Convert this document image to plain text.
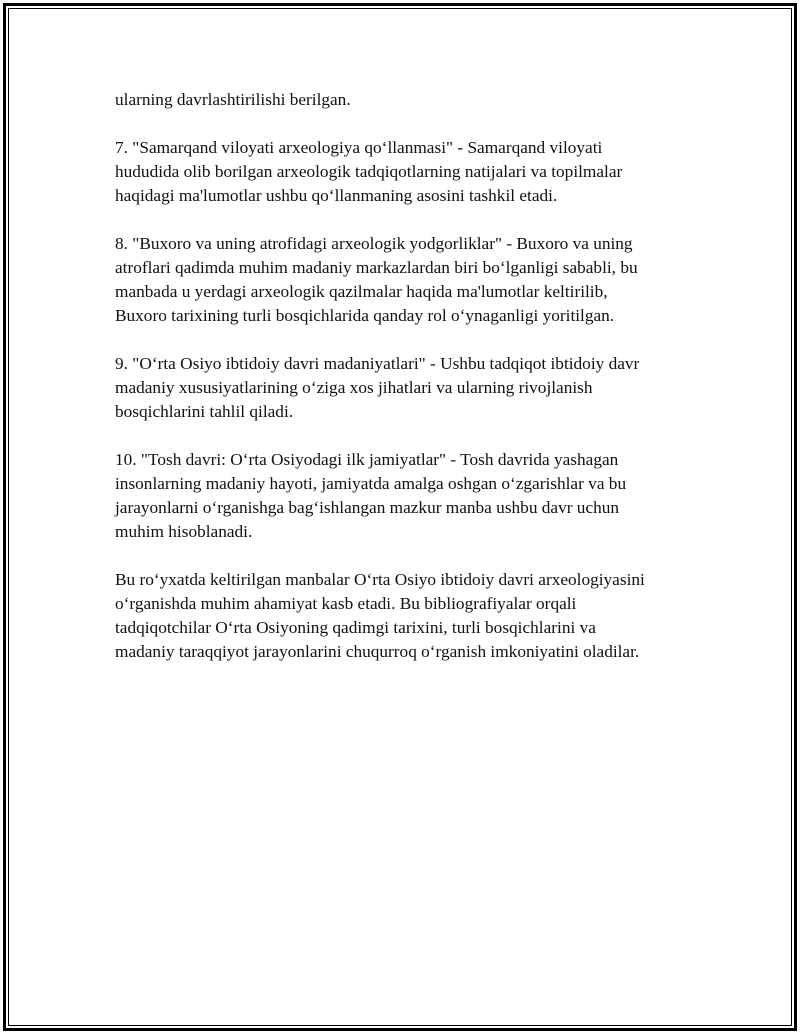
ularning davrlashtirilishi berilgan.

7. "Samarqand viloyati arxeologiya qo‘llanmasi" - Samarqand viloyati
hududida olib borilgan arxeologik tadqiqotlarning natijalari va topilmalar
haqidagi ma'lumotlar ushbu qo‘llanmaning asosini tashkil etadi.

8. "Buxoro va uning atrofidagi arxeologik yodgorliklar" - Buxoro va uning
atroflari qadimda muhim madaniy markazlardan biri bo‘lganligi sababli, bu
manbada u yerdagi arxeologik qazilmalar haqida ma'lumotlar keltirilib,
Buxoro tarixining turli bosqichlarida qanday rol o‘ynaganligi yoritilgan.

9. "O‘rta Osiyo ibtidoiy davri madaniyatlari" - Ushbu tadqiqot ibtidoiy davr
madaniy xususiyatlarining o‘ziga xos jihatlari va ularning rivojlanish
bosqichlarini tahlil qiladi.

10. "Tosh davri: O‘rta Osiyodagi ilk jamiyatlar" - Tosh davrida yashagan
insonlarning madaniy hayoti, jamiyatda amalga oshgan o‘zgarishlar va bu
jarayonlarni o‘rganishga bag‘ishlangan mazkur manba ushbu davr uchun
muhim hisoblanadi.

Bu ro‘yxatda keltirilgan manbalar O‘rta Osiyo ibtidoiy davri arxeologiyasini
o‘rganishda muhim ahamiyat kasb etadi. Bu bibliografiyalar orqali
tadqiqotchilar O‘rta Osiyoning qadimgi tarixini, turli bosqichlarini va
madaniy taraqqiyot jarayonlarini chuqurroq o‘rganish imkoniyatini oladilar.
